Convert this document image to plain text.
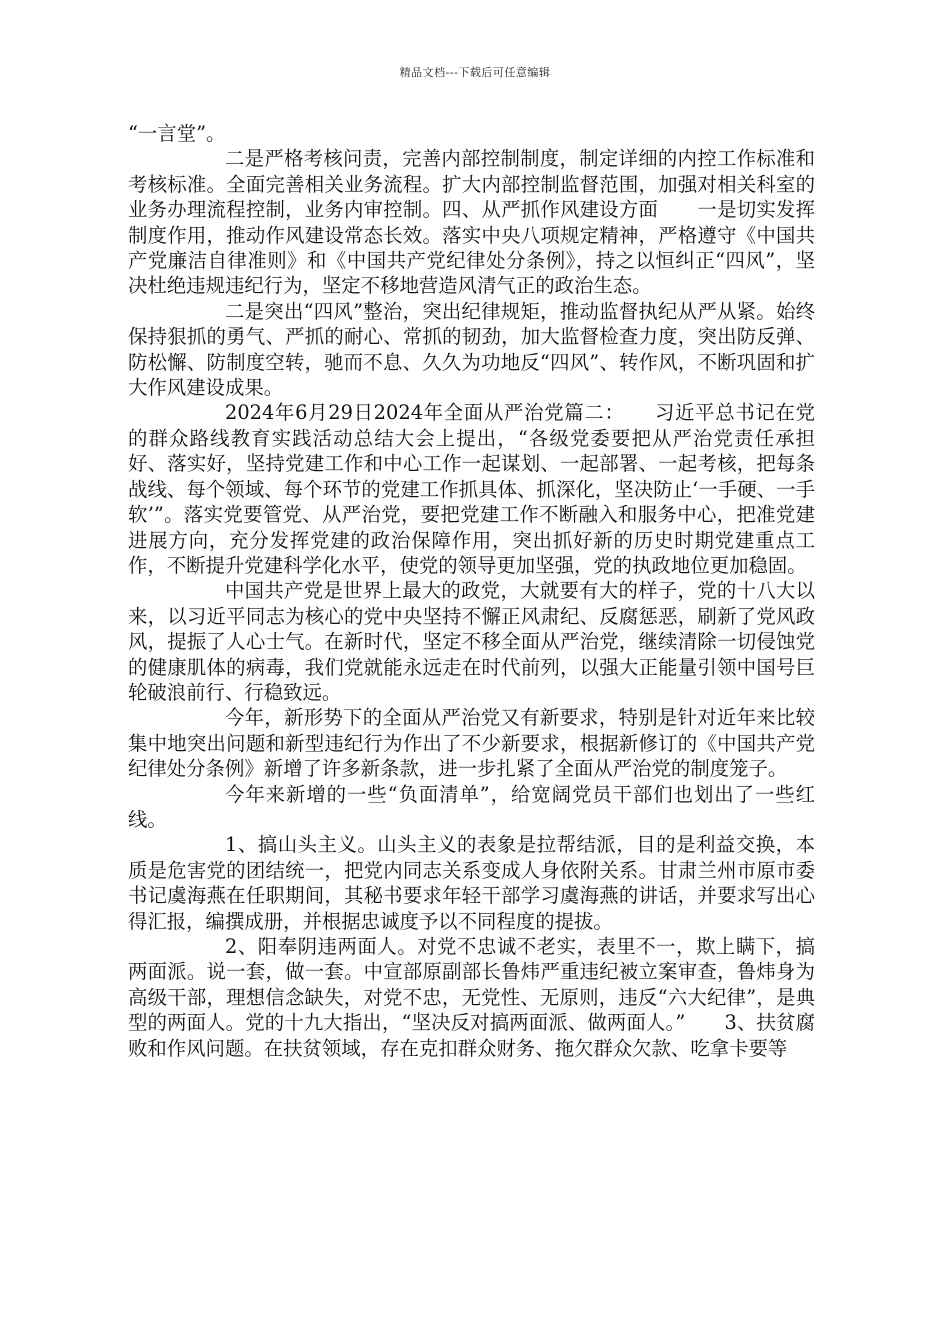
精品文档---下载后可任意编辑

“一言堂”。

二是严格考核问责，完善内部控制制度，制定详细的内控工作标准和考核标准。全面完善相关业务流程。扩大内部控制监督范围，加强对相关科室的业务办理流程控制，业务内审控制。四、从严抓作风建设方面　　一是切实发挥制度作用，推动作风建设常态长效。落实中央八项规定精神，严格遵守《中国共产党廉洁自律准则》和《中国共产党纪律处分条例》，持之以恒纠正“四风”，坚决杜绝违规违纪行为，坚定不移地营造风清气正的政治生态。

二是突出“四风”整治，突出纪律规矩，推动监督执纪从严从紧。始终保持狠抓的勇气、严抓的耐心、常抓的韧劲，加大监督检查力度，突出防反弹、防松懈、防制度空转，驰而不息、久久为功地反“四风”、转作风，不断巩固和扩大作风建设成果。

2024年6月29日2024年全面从严治党篇二：　　习近平总书记在党的群众路线教育实践活动总结大会上提出，“各级党委要把从严治党责任承担好、落实好，坚持党建工作和中心工作一起谋划、一起部署、一起考核，把每条战线、每个领域、每个环节的党建工作抓具体、抓深化，坚决防止‘一手硬、一手软’”。落实党要管党、从严治党，要把党建工作不断融入和服务中心，把准党建进展方向，充分发挥党建的政治保障作用，突出抓好新的历史时期党建重点工作，不断提升党建科学化水平，使党的领导更加坚强，党的执政地位更加稳固。

中国共产党是世界上最大的政党，大就要有大的样子，党的十八大以来，以习近平同志为核心的党中央坚持不懈正风肃纪、反腐惩恶，刷新了党风政风，提振了人心士气。在新时代，坚定不移全面从严治党，继续清除一切侵蚀党的健康肌体的病毒，我们党就能永远走在时代前列，以强大正能量引领中国号巨轮破浪前行、行稳致远。

今年，新形势下的全面从严治党又有新要求，特别是针对近年来比较集中地突出问题和新型违纪行为作出了不少新要求，根据新修订的《中国共产党纪律处分条例》新增了许多新条款，进一步扎紧了全面从严治党的制度笼子。

今年来新增的一些“负面清单”，给宽阔党员干部们也划出了一些红线。

1、搞山头主义。山头主义的表象是拉帮结派，目的是利益交换，本质是危害党的团结统一，把党内同志关系变成人身依附关系。甘肃兰州市原市委书记虞海燕在任职期间，其秘书要求年轻干部学习虞海燕的讲话，并要求写出心得汇报，编撰成册，并根据忠诚度予以不同程度的提拔。

2、阳奉阴违两面人。对党不忠诚不老实，表里不一，欺上瞒下，搞两面派。说一套，做一套。中宣部原副部长鲁炜严重违纪被立案审查，鲁炜身为高级干部，理想信念缺失，对党不忠，无党性、无原则，违反“六大纪律”，是典型的两面人。党的十九大指出，“坚决反对搞两面派、做两面人。”　　3、扶贫腐败和作风问题。在扶贫领域，存在克扣群众财务、拖欠群众欠款、吃拿卡要等
